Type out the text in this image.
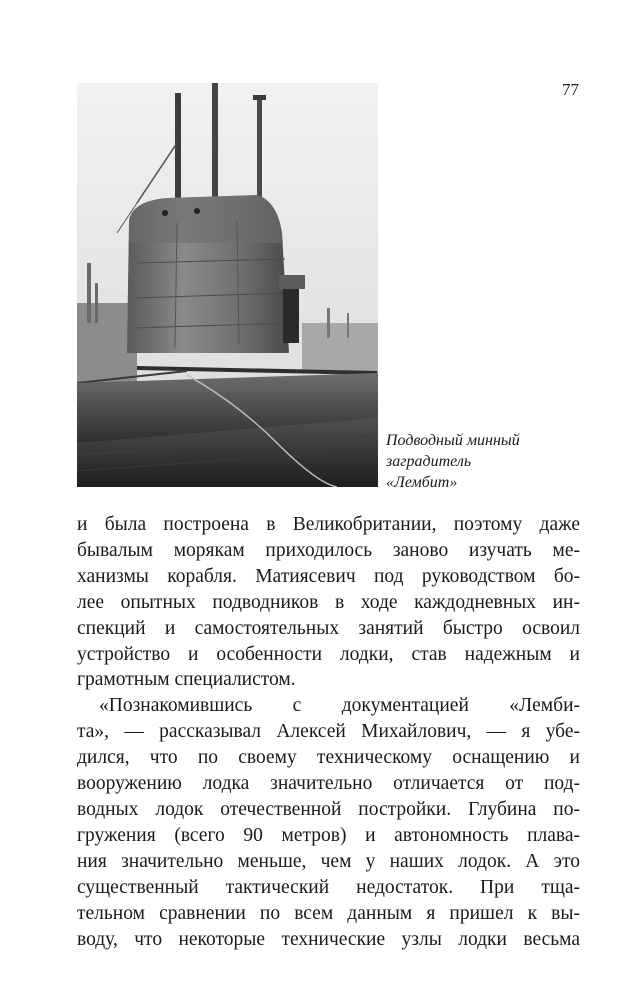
77
Подводный минный
заградитель
«Лембит»
и была построена в Великобритании, поэтому даже
бывалым морякам приходилось заново изучать ме-
ханизмы корабля. Матиясевич под руководством бо-
лее опытных подводников в ходе каждодневных ин-
спекций и самостоятельных занятий быстро освоил
устройство и особенности лодки, став надежным и
грамотным специалистом.
«Познакомившись с документацией «Лемби-
та», — рассказывал Алексей Михайлович, — я убе-
дился, что по своему техническому оснащению и
вооружению лодка значительно отличается от под-
водных лодок отечественной постройки. Глубина по-
гружения (всего 90 метров) и автономность плава-
ния значительно меньше, чем у наших лодок. А это
существенный тактический недостаток. При тща-
тельном сравнении по всем данным я пришел к вы-
воду, что некоторые технические узлы лодки весьма
